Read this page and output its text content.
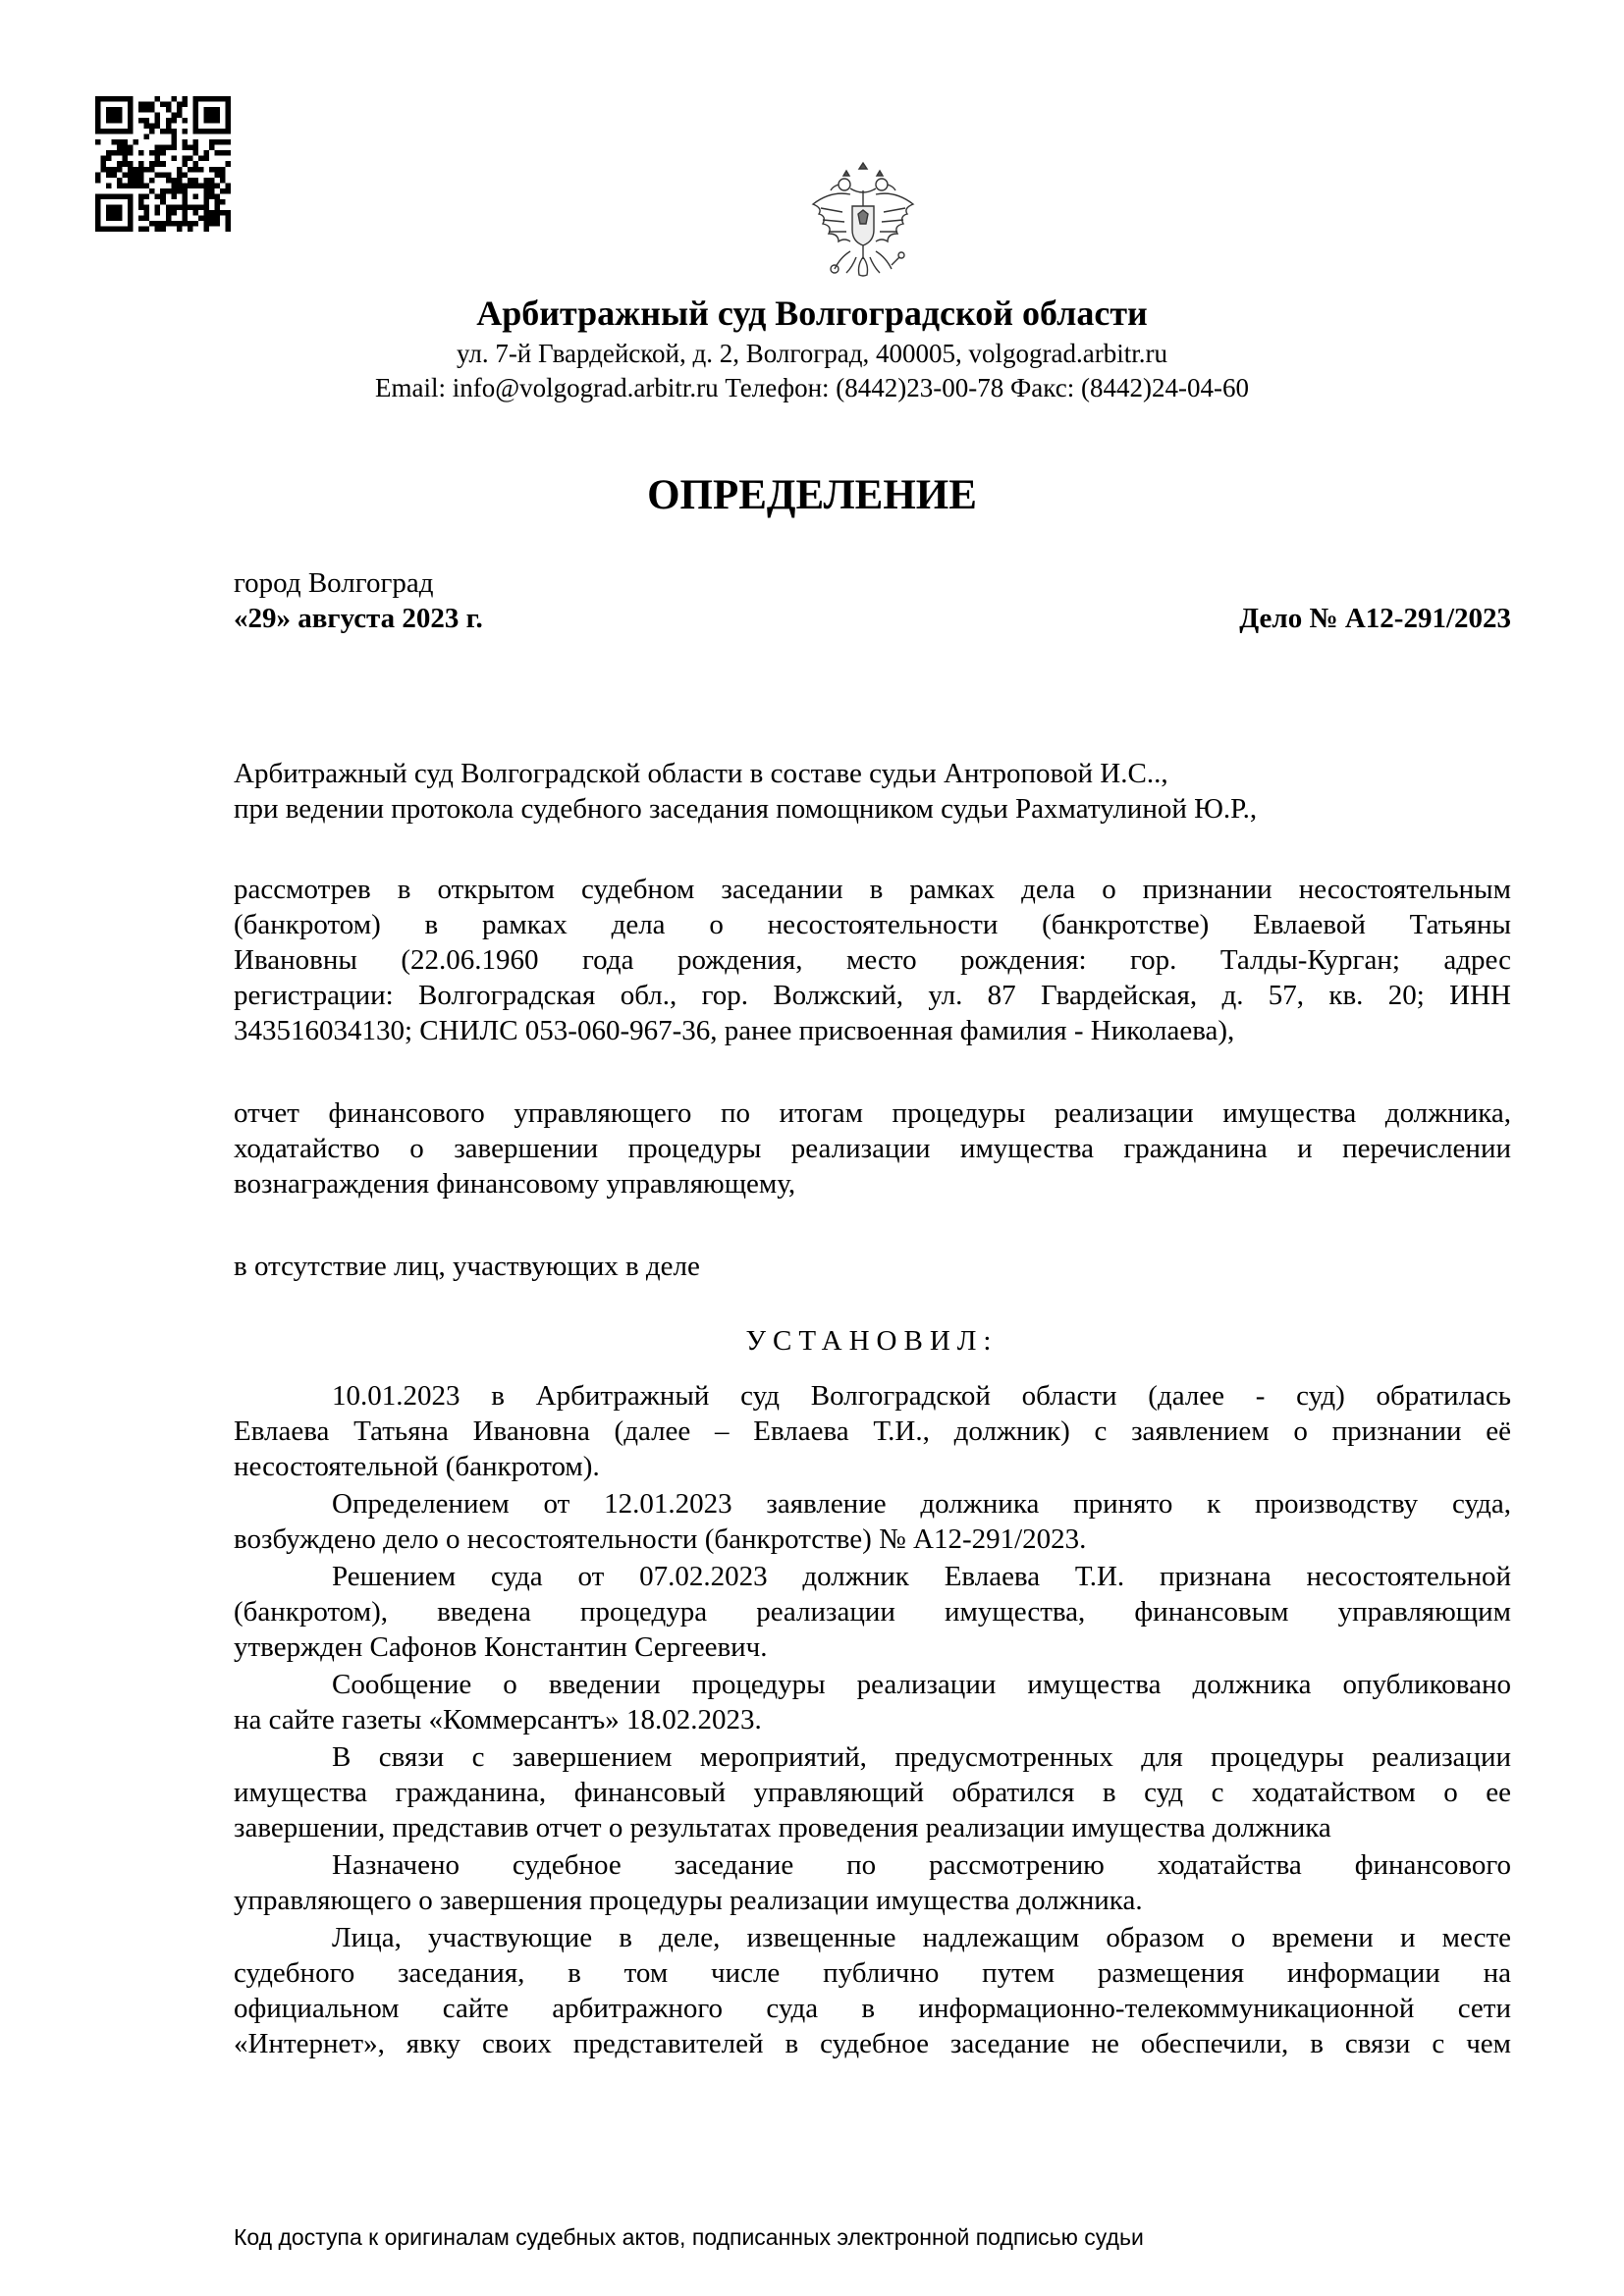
Арбитражный суд Волгоградской области
ул. 7-й Гвардейской, д. 2, Волгоград, 400005, volgograd.arbitr.ru
Email: info@volgograd.arbitr.ru Телефон: (8442)23-00-78 Факс: (8442)24-04-60
ОПРЕДЕЛЕНИЕ
город Волгоград
«29» августа 2023 г.	Дело № А12-291/2023
Арбитражный суд Волгоградской области в составе судьи Антроповой И.С..,
при ведении протокола судебного заседания помощником судьи Рахматулиной Ю.Р.,
рассмотрев в открытом судебном заседании в рамках дела о признании несостоятельным
(банкротом) в рамках дела о несостоятельности (банкротстве) Евлаевой Татьяны
Ивановны (22.06.1960 года рождения, место рождения: гор. Талды-Курган; адрес
регистрации: Волгоградская обл., гор. Волжский, ул. 87 Гвардейская, д. 57, кв. 20; ИНН
343516034130; СНИЛС 053-060-967-36, ранее присвоенная фамилия - Николаева),
отчет финансового управляющего по итогам процедуры реализации имущества должника,
ходатайство о завершении процедуры реализации имущества гражданина и перечислении
вознаграждения финансовому управляющему,
в отсутствие лиц, участвующих в деле
УСТАНОВИЛ:
10.01.2023 в Арбитражный суд Волгоградской области (далее - суд) обратилась
Евлаева Татьяна Ивановна (далее – Евлаева Т.И., должник) с заявлением о признании её
несостоятельной (банкротом).
Определением от 12.01.2023 заявление должника принято к производству суда,
возбуждено дело о несостоятельности (банкротстве) № А12-291/2023.
Решением суда от 07.02.2023 должник Евлаева Т.И. признана несостоятельной
(банкротом), введена процедура реализации имущества, финансовым управляющим
утвержден Сафонов Константин Сергеевич.
Сообщение о введении процедуры реализации имущества должника опубликовано
на сайте газеты «Коммерсантъ» 18.02.2023.
В связи с завершением мероприятий, предусмотренных для процедуры реализации
имущества гражданина, финансовый управляющий обратился в суд с ходатайством о ее
завершении, представив отчет о результатах проведения реализации имущества должника
Назначено судебное заседание по рассмотрению ходатайства финансового
управляющего о завершения процедуры реализации имущества должника.
Лица, участвующие в деле, извещенные надлежащим образом о времени и месте
судебного заседания, в том числе публично путем размещения информации на
официальном сайте арбитражного суда в информационно-телекоммуникационной сети
«Интернет», явку своих представителей в судебное заседание не обеспечили, в связи с чем
Код доступа к оригиналам судебных актов, подписанных электронной подписью судьи
